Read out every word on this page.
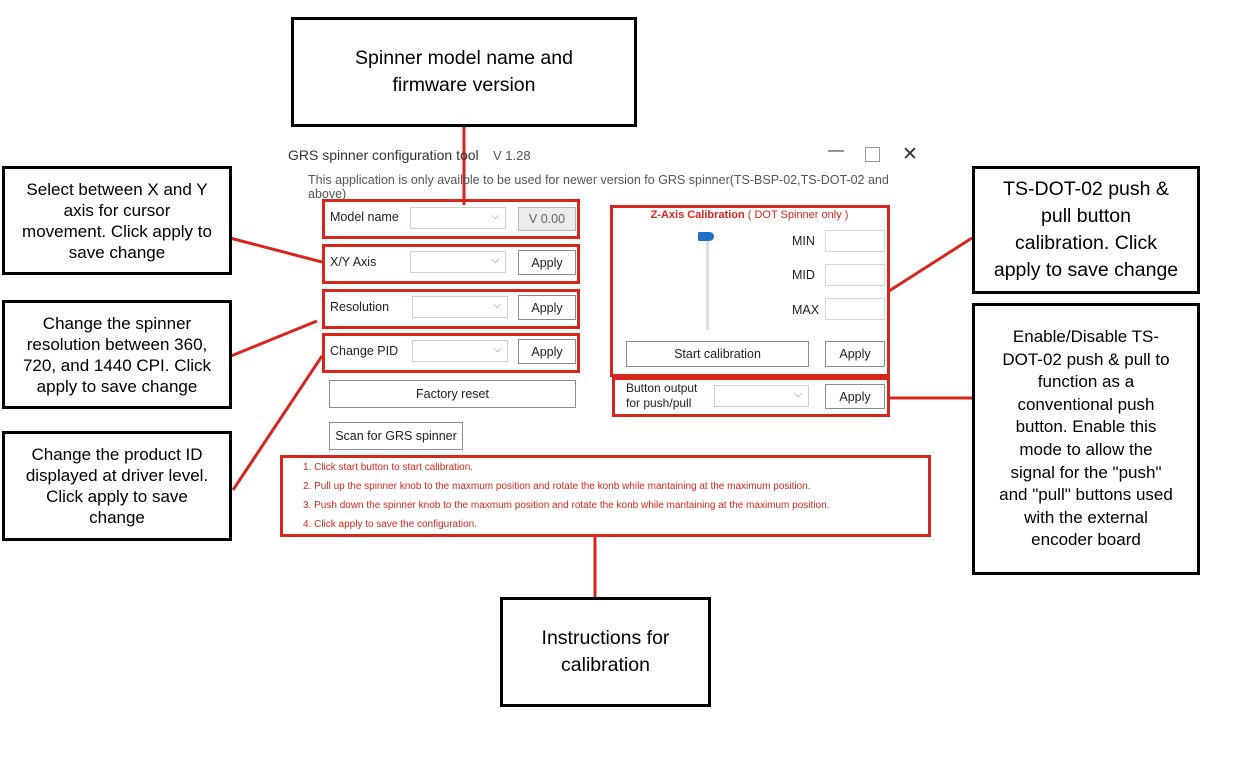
GRS spinner configuration tool V 1.28	—	✕
This application is only availble to be used for newer version fo GRS spinner(TS-BSP-02,TS-DOT-02 and above)
Model name	⌵	V 0.00
X/Y Axis	⌵	Apply
Resolution	⌵	Apply
Change PID	⌵	Apply
Factory reset
Scan for GRS spinner
Z-Axis Calibration ( DOT Spinner only )
MIN
MID
MAX
Start calibration	Apply
Button output
for push/pull
⌵	Apply
1. Click start button to start calibration.
2. Pull up the spinner knob to the maxmum position and rotate the konb while mantaining at the maximum position.
3. Push down the spinner knob to the maxmum position and rotate the konb while mantaining at the maximum position.
4. Click apply to save the configuration.
Spinner model name and
firmware version
Select between X and Y
axis for cursor
movement. Click apply to
save change
Change the spinner
resolution between 360,
720, and 1440 CPI. Click
apply to save change
Change the product ID
displayed at driver level.
Click apply to save
change
TS-DOT-02 push &
pull button
calibration. Click
apply to save change
Enable/Disable TS-
DOT-02 push & pull to
function as a
conventional push
button. Enable this
mode to allow the
signal for the "push"
and "pull" buttons used
with the external
encoder board
Instructions for
calibration
